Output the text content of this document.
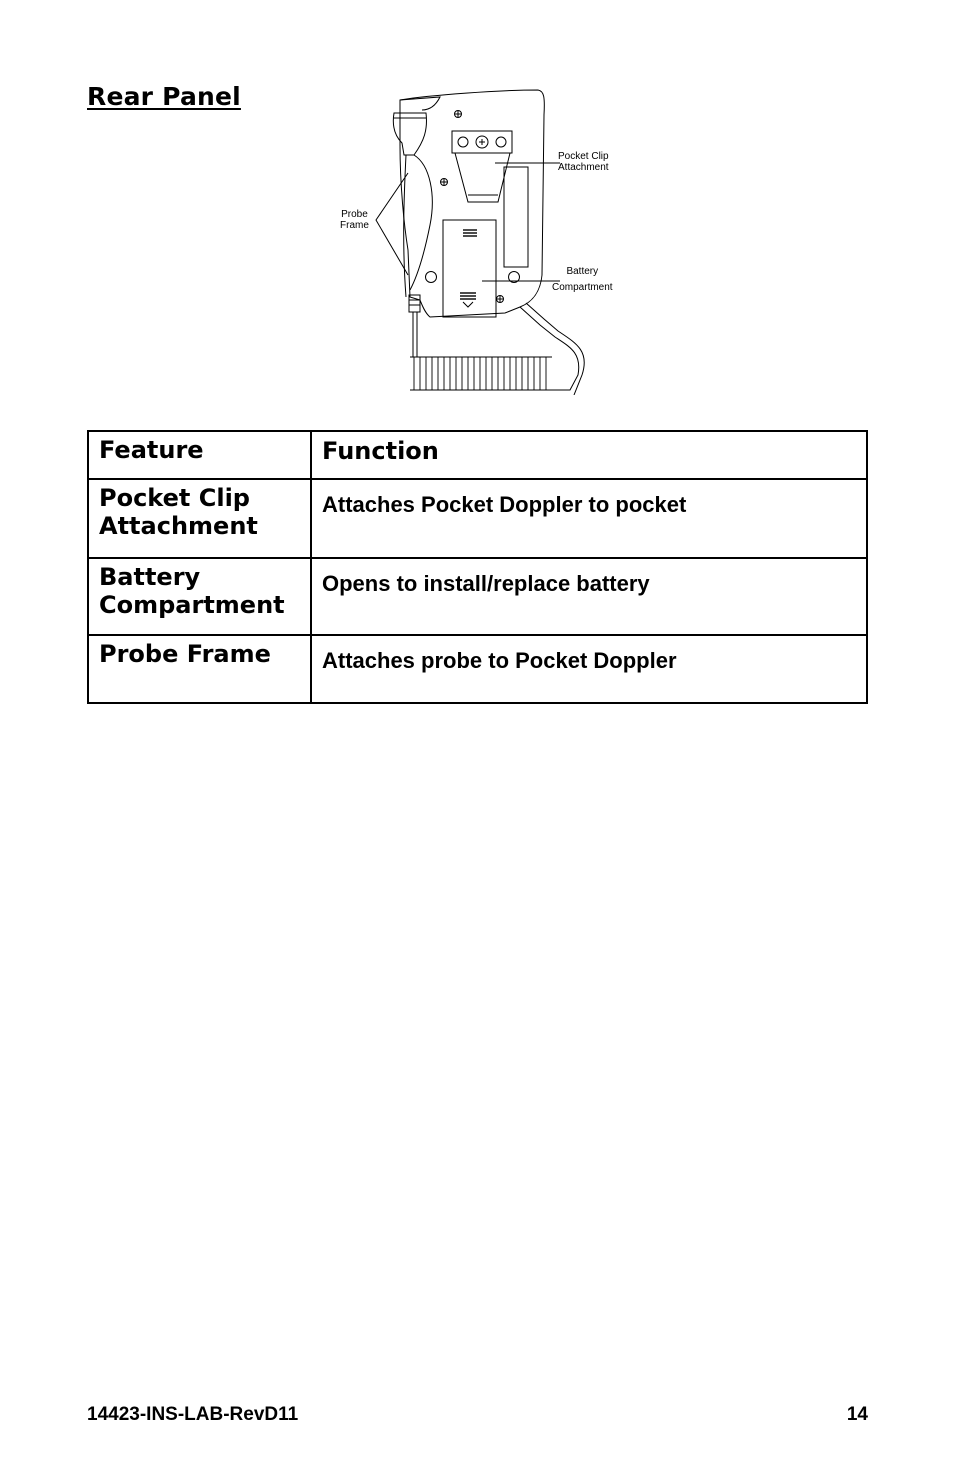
Rear Panel
Pocket Clip
Attachment
Probe
Frame
Battery
Compartment
Feature	Function

Pocket Clip
Attachment	Attaches Pocket Doppler to pocket

Battery
Compartment	Opens to install/replace battery

Probe Frame	Attaches probe to Pocket Doppler
14423-INS-LAB-RevD11	14
